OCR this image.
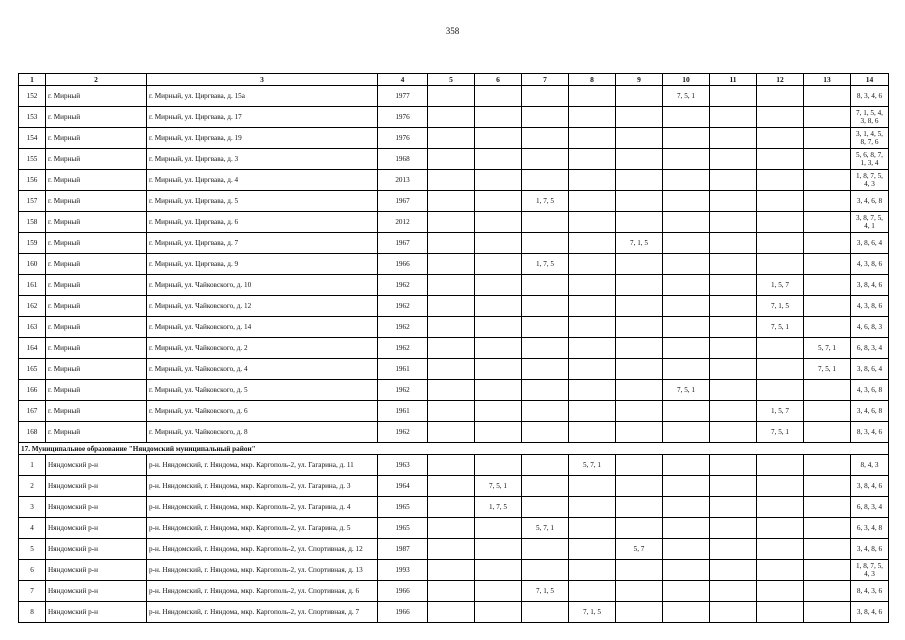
358
1	2	3	4	5	6	7	8	9	10	11	12	13	14
152	г. Мирный	г. Мирный, ул. Циргвава, д. 15а	1977						7, 5, 1				8, 3, 4, 6
153	г. Мирный	г. Мирный, ул. Циргвава, д. 17	1976										7, 1, 5, 4, 3, 8, 6
154	г. Мирный	г. Мирный, ул. Циргвава, д. 19	1976										3, 1, 4, 5, 8, 7, 6
155	г. Мирный	г. Мирный, ул. Циргвава, д. 3	1968										5, 6, 8, 7, 1, 3, 4
156	г. Мирный	г. Мирный, ул. Циргвава, д. 4	2013										1, 8, 7, 5, 4, 3
157	г. Мирный	г. Мирный, ул. Циргвава, д. 5	1967			1, 7, 5							3, 4, 6, 8
158	г. Мирный	г. Мирный, ул. Циргвава, д. 6	2012										3, 8, 7, 5, 4, 1
159	г. Мирный	г. Мирный, ул. Циргвава, д. 7	1967					7, 1, 5					3, 8, 6, 4
160	г. Мирный	г. Мирный, ул. Циргвава, д. 9	1966			1, 7, 5							4, 3, 8, 6
161	г. Мирный	г. Мирный, ул. Чайковского, д. 10	1962								1, 5, 7		3, 8, 4, 6
162	г. Мирный	г. Мирный, ул. Чайковского, д. 12	1962								7, 1, 5		4, 3, 8, 6
163	г. Мирный	г. Мирный, ул. Чайковского, д. 14	1962								7, 5, 1		4, 6, 8, 3
164	г. Мирный	г. Мирный, ул. Чайковского, д. 2	1962									5, 7, 1	6, 8, 3, 4
165	г. Мирный	г. Мирный, ул. Чайковского, д. 4	1961									7, 5, 1	3, 8, 6, 4
166	г. Мирный	г. Мирный, ул. Чайковского, д. 5	1962						7, 5, 1				4, 3, 6, 8
167	г. Мирный	г. Мирный, ул. Чайковского, д. 6	1961								1, 5, 7		3, 4, 6, 8
168	г. Мирный	г. Мирный, ул. Чайковского, д. 8	1962								7, 5, 1		8, 3, 4, 6
17. Муниципальное образование "Няндомский муниципальный район"													
1	Няндомский р-н	р-н. Няндомский, г. Няндома, мкр. Каргополь-2, ул. Гагарина, д. 11	1963				5, 7, 1						8, 4, 3
2	Няндомский р-н	р-н. Няндомский, г. Няндома, мкр. Каргополь-2, ул. Гагарина, д. 3	1964		7, 5, 1								3, 8, 4, 6
3	Няндомский р-н	р-н. Няндомский, г. Няндома, мкр. Каргополь-2, ул. Гагарина, д. 4	1965		1, 7, 5								6, 8, 3, 4
4	Няндомский р-н	р-н. Няндомский, г. Няндома, мкр. Каргополь-2, ул. Гагарина, д. 5	1965			5, 7, 1							6, 3, 4, 8
5	Няндомский р-н	р-н. Няндомский, г. Няндома, мкр. Каргополь-2, ул. Спортивная, д. 12	1987					5, 7					3, 4, 8, 6
6	Няндомский р-н	р-н. Няндомский, г. Няндома, мкр. Каргополь-2, ул. Спортивная, д. 13	1993										1, 8, 7, 5, 4, 3
7	Няндомский р-н	р-н. Няндомский, г. Няндома, мкр. Каргополь-2, ул. Спортивная, д. 6	1966			7, 1, 5							8, 4, 3, 6
8	Няндомский р-н	р-н. Няндомский, г. Няндома, мкр. Каргополь-2, ул. Спортивная, д. 7	1966				7, 1, 5						3, 8, 4, 6
